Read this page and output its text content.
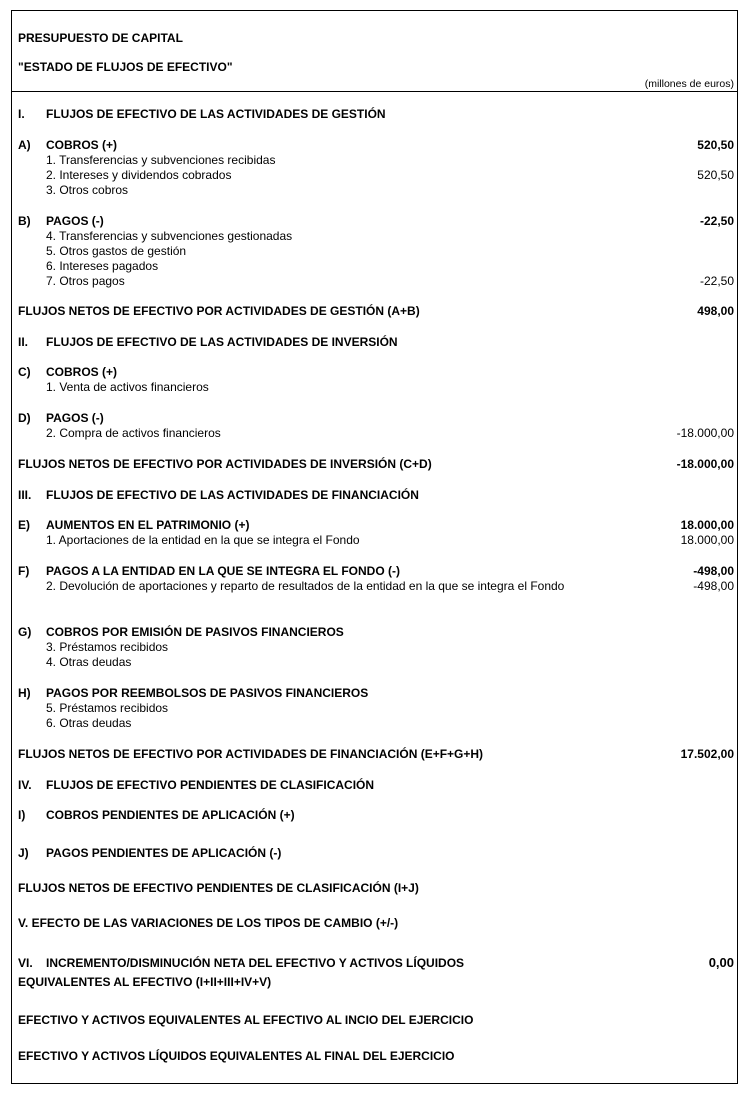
PRESUPUESTO DE CAPITAL
"ESTADO DE FLUJOS DE EFECTIVO"
(millones de euros)
I. FLUJOS DE EFECTIVO DE LAS ACTIVIDADES DE GESTIÓN
A) COBROS (+)	520,50
1. Transferencias y subvenciones recibidas
2. Intereses y dividendos cobrados	520,50
3. Otros cobros
B) PAGOS (-)	-22,50
4. Transferencias y subvenciones gestionadas
5. Otros gastos de gestión
6. Intereses pagados
7. Otros pagos	-22,50
FLUJOS NETOS DE EFECTIVO POR ACTIVIDADES DE GESTIÓN (A+B)	498,00
II. FLUJOS DE EFECTIVO DE LAS ACTIVIDADES DE INVERSIÓN
C) COBROS (+)
1. Venta de activos financieros
D) PAGOS (-)
2. Compra de activos financieros	-18.000,00
FLUJOS NETOS DE EFECTIVO POR ACTIVIDADES DE INVERSIÓN (C+D)	-18.000,00
III. FLUJOS DE EFECTIVO DE LAS ACTIVIDADES DE FINANCIACIÓN
E) AUMENTOS EN EL PATRIMONIO (+)	18.000,00
1. Aportaciones de la entidad en la que se integra el Fondo	18.000,00
F) PAGOS A LA ENTIDAD EN LA QUE SE INTEGRA EL FONDO (-)	-498,00
2. Devolución de aportaciones y reparto de resultados de la entidad en la que se integra el Fondo	-498,00
G) COBROS POR EMISIÓN DE PASIVOS FINANCIEROS
3. Préstamos recibidos
4. Otras deudas
H) PAGOS POR REEMBOLSOS DE PASIVOS FINANCIEROS
5. Préstamos recibidos
6. Otras deudas
FLUJOS NETOS DE EFECTIVO POR ACTIVIDADES DE FINANCIACIÓN (E+F+G+H)	17.502,00
IV. FLUJOS DE EFECTIVO PENDIENTES DE CLASIFICACIÓN
I) COBROS PENDIENTES DE APLICACIÓN (+)
J) PAGOS PENDIENTES DE APLICACIÓN (-)
FLUJOS NETOS DE EFECTIVO PENDIENTES DE CLASIFICACIÓN (I+J)
V. EFECTO DE LAS VARIACIONES DE LOS TIPOS DE CAMBIO (+/-)
VI. INCREMENTO/DISMINUCIÓN NETA DEL EFECTIVO Y ACTIVOS LÍQUIDOS	0,00
EQUIVALENTES AL EFECTIVO (I+II+III+IV+V)
EFECTIVO Y ACTIVOS EQUIVALENTES AL EFECTIVO AL INCIO DEL EJERCICIO
EFECTIVO Y ACTIVOS LÍQUIDOS EQUIVALENTES AL FINAL DEL EJERCICIO
